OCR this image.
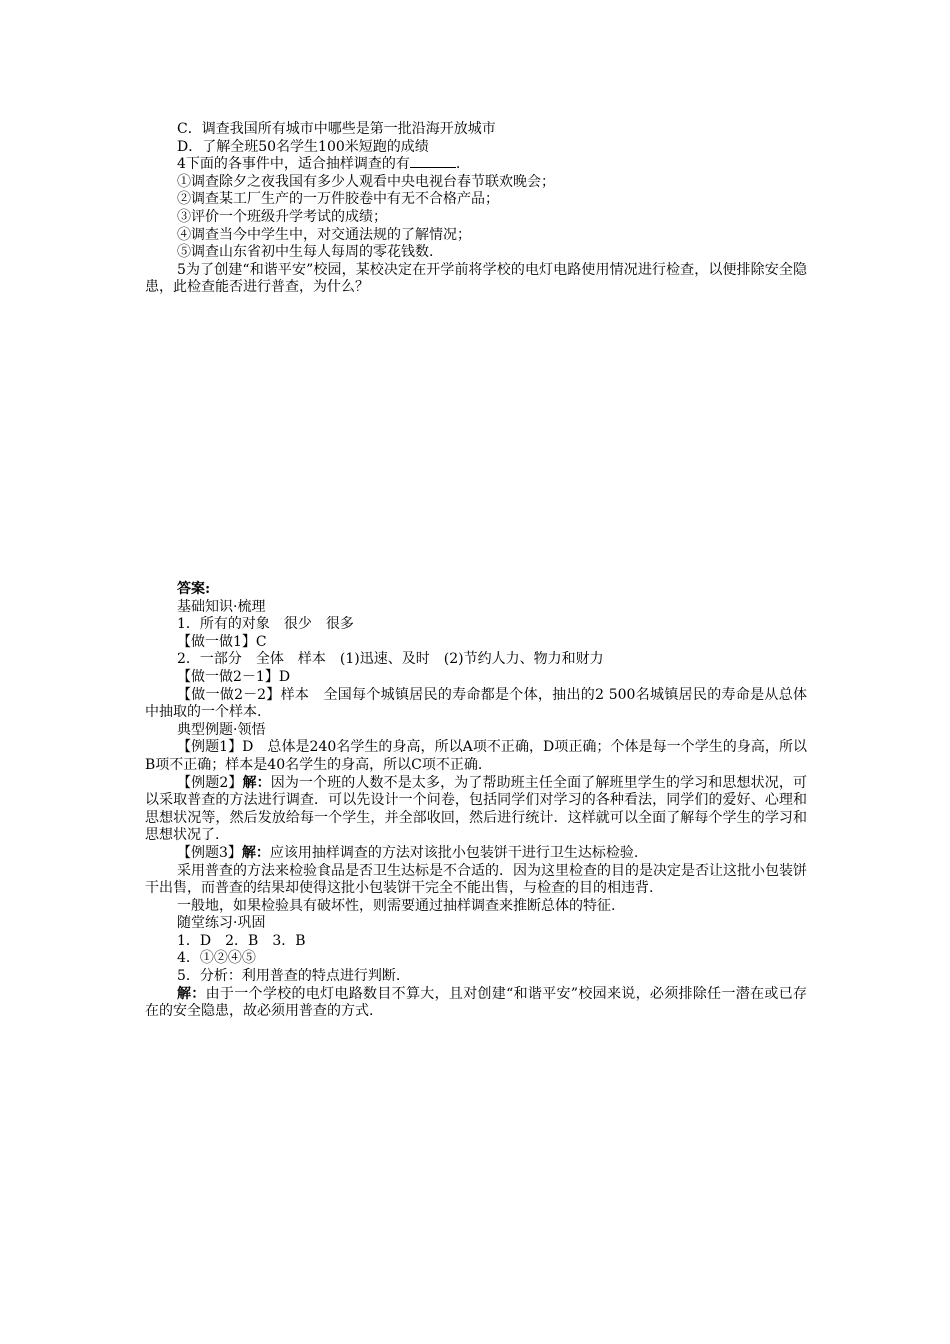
C．调查我国所有城市中哪些是第一批沿海开放城市

D．了解全班50名学生100米短跑的成绩

4下面的各事件中，适合抽样调查的有	.

①调查除夕之夜我国有多少人观看中央电视台春节联欢晚会；

②调查某工厂生产的一万件胶卷中有无不合格产品；

③评价一个班级升学考试的成绩；

④调查当今中学生中，对交通法规的了解情况；

⑤调查山东省初中生每人每周的零花钱数.

5为了创建“和谐平安”校园，某校决定在开学前将学校的电灯电路使用情况进行检查，以便排除安全隐患，此检查能否进行普查，为什么？

答案:

基础知识·梳理

1．所有的对象　很少　很多

【做一做1】C

2．一部分　全体　样本　(1)迅速、及时　(2)节约人力、物力和财力

【做一做2－1】D

【做一做2－2】样本　全国每个城镇居民的寿命都是个体，抽出的2 500名城镇居民的寿命是从总体中抽取的一个样本.

典型例题·领悟

【例题1】D　总体是240名学生的身高，所以A项不正确，D项正确；个体是每一个学生的身高，所以B项不正确；样本是40名学生的身高，所以C项不正确.

【例题2】解：因为一个班的人数不是太多，为了帮助班主任全面了解班里学生的学习和思想状况，可以采取普查的方法进行调查．可以先设计一个问卷，包括同学们对学习的各种看法，同学们的爱好、心理和思想状况等，然后发放给每一个学生，并全部收回，然后进行统计．这样就可以全面了解每个学生的学习和思想状况了.

【例题3】解：应该用抽样调查的方法对该批小包装饼干进行卫生达标检验.

采用普查的方法来检验食品是否卫生达标是不合适的．因为这里检查的目的是决定是否让这批小包装饼干出售，而普查的结果却使得这批小包装饼干完全不能出售，与检查的目的相违背.

一般地，如果检验具有破坏性，则需要通过抽样调查来推断总体的特征.

随堂练习·巩固

1．D　2．B　3．B

4．①②④⑤

5．分析：利用普查的特点进行判断.

解：由于一个学校的电灯电路数目不算大，且对创建“和谐平安”校园来说，必须排除任一潜在或已存在的安全隐患，故必须用普查的方式.
